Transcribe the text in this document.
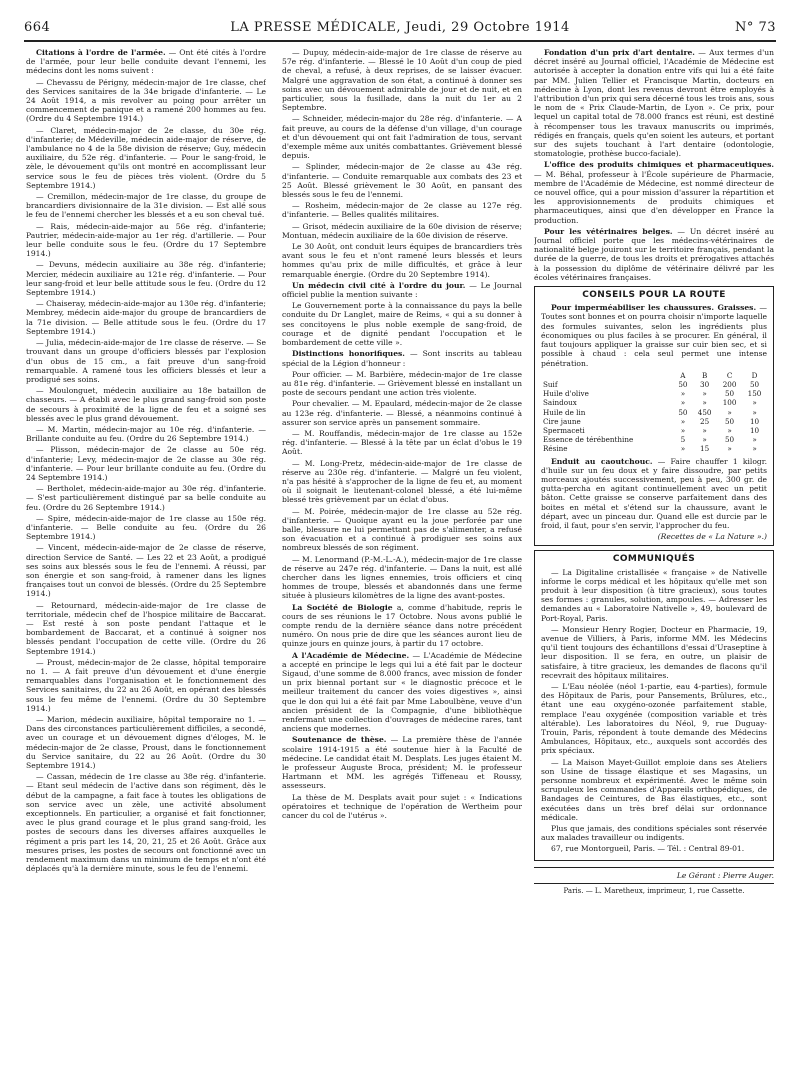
664	LA PRESSE MÉDICALE, Jeudi, 29 Octobre 1914	N° 73

Citations à l'ordre de l'armée. — Ont été cités à l'ordre de l'armée, pour leur belle conduite devant l'ennemi, les médecins dont les noms suivent :

— Chevassu de Périgny, médecin-major de 1re classe, chef des Services sanitaires de la 34e brigade d'infanterie. — Le 24 Août 1914, a mis revolver au poing pour arrêter un commencement de panique et a ramené 200 hommes au feu. (Ordre du 4 Septembre 1914.)

— Claret, médecin-major de 2e classe, du 30e rég. d'infanterie; de Médeville, médecin aide-major de réserve, de l'ambulance no 4 de la 58e division de réserve; Guy, médecin auxiliaire, du 52e rég. d'infanterie. — Pour le sang-froid, le zèle, le dévouement qu'ils ont montré en accomplissant leur service sous le feu de pièces très violent. (Ordre du 5 Septembre 1914.)

— Cremillon, médecin-major de 1re classe, du groupe de brancardiers divisionnaire de la 31e division. — Est allé sous le feu de l'ennemi chercher les blessés et a eu son cheval tué.

— Rais, médecin-aide-major au 56e rég. d'infanterie; Pautrier, médecin-aide-major au 1er rég. d'artillerie. — Pour leur belle conduite sous le feu. (Ordre du 17 Septembre 1914.)

— Devuns, médecin auxiliaire au 38e rég. d'infanterie; Mercier, médecin auxiliaire au 121e rég. d'infanterie. — Pour leur sang-froid et leur belle attitude sous le feu. (Ordre du 12 Septembre 1914.)

— Chaiseray, médecin-aide-major au 130e rég. d'infanterie; Membrey, médecin aide-major du groupe de brancardiers de la 71e division. — Belle attitude sous le feu. (Ordre du 17 Septembre 1914.)

— Julia, médecin-aide-major de 1re classe de réserve. — Se trouvant dans un groupe d'officiers blessés par l'explosion d'un obus de 15 cm., a fait preuve d'un sang-froid remarquable. A ramené tous les officiers blessés et leur a prodigué ses soins.

— Moulonguet, médecin auxiliaire au 18e bataillon de chasseurs. — A établi avec le plus grand sang-froid son poste de secours à proximité de la ligne de feu et a soigné ses blessés avec le plus grand dévouement.

— M. Martin, médecin-major au 10e rég. d'infanterie. — Brillante conduite au feu. (Ordre du 26 Septembre 1914.)

— Plisson, médecin-major de 2e classe au 50e rég. d'infanterie; Levy, médecin-major de 2e classe au 30e rég. d'infanterie. — Pour leur brillante conduite au feu. (Ordre du 24 Septembre 1914.)

— Bertholet, médecin-aide-major au 30e rég. d'infanterie. — S'est particulièrement distingué par sa belle conduite au feu. (Ordre du 26 Septembre 1914.)

— Spire, médecin-aide-major de 1re classe au 150e rég. d'infanterie. — Belle conduite au feu. (Ordre du 26 Septembre 1914.)

— Vincent, médecin-aide-major de 2e classe de réserve, direction Service de Santé. — Les 22 et 23 Août, a prodigué ses soins aux blessés sous le feu de l'ennemi. A réussi, par son énergie et son sang-froid, à ramener dans les lignes françaises tout un convoi de blessés. (Ordre du 25 Septembre 1914.)

— Retournard, médecin-aide-major de 1re classe de territoriale, médecin chef de l'hospice militaire de Baccarat. — Est resté à son poste pendant l'attaque et le bombardement de Baccarat, et a continué à soigner nos blessés pendant l'occupation de cette ville. (Ordre du 26 Septembre 1914.)

— Proust, médecin-major de 2e classe, hôpital temporaire no 1. — A fait preuve d'un dévouement et d'une énergie remarquables dans l'organisation et le fonctionnement des Services sanitaires, du 22 au 26 Août, en opérant des blessés sous le feu même de l'ennemi. (Ordre du 30 Septembre 1914.)

— Marion, médecin auxiliaire, hôpital temporaire no 1. — Dans des circonstances particulièrement difficiles, a secondé, avec un courage et un dévouement dignes d'éloges, M. le médecin-major de 2e classe, Proust, dans le fonctionnement du Service sanitaire, du 22 au 26 Août. (Ordre du 30 Septembre 1914.)

— Cassan, médecin de 1re classe au 38e rég. d'infanterie. — Etant seul médecin de l'active dans son régiment, dès le début de la campagne, a fait face à toutes les obligations de son service avec un zèle, une activité absolument exceptionnels. En particulier, a organisé et fait fonctionner, avec le plus grand courage et le plus grand sang-froid, les postes de secours dans les diverses affaires auxquelles le régiment a pris part les 14, 20, 21, 25 et 26 Août. Grâce aux mesures prises, les postes de secours ont fonctionné avec un rendement maximum dans un minimum de temps et n'ont été déplacés qu'à la dernière minute, sous le feu de l'ennemi.

— Dupuy, médecin-aide-major de 1re classe de réserve au 57e rég. d'infanterie. — Blessé le 10 Août d'un coup de pied de cheval, a refusé, à deux reprises, de se laisser évacuer. Malgré une aggravation de son état, a continué à donner ses soins avec un dévouement admirable de jour et de nuit, et en particulier, sous la fusillade, dans la nuit du 1er au 2 Septembre.

— Schneider, médecin-major du 28e rég. d'infanterie. — A fait preuve, au cours de la défense d'un village, d'un courage et d'un dévouement qui ont fait l'admiration de tous, servant d'exemple même aux unités combattantes. Grièvement blessé depuis.

— Splinder, médecin-major de 2e classe au 43e rég. d'infanterie. — Conduite remarquable aux combats des 23 et 25 Août. Blessé grièvement le 30 Août, en pansant des blessés sous le feu de l'ennemi.

— Rosheim, médecin-major de 2e classe au 127e rég. d'infanterie. — Belles qualités militaires.

— Grisot, médecin auxiliaire de la 60e division de réserve; Montuan, médecin auxiliaire de la 60e division de réserve.

Le 30 Août, ont conduit leurs équipes de brancardiers très avant sous le feu et n'ont ramené leurs blessés et leurs hommes qu'au prix de mille difficultés, et grâce à leur remarquable énergie. (Ordre du 20 Septembre 1914).

Un médecin civil cité à l'ordre du jour. — Le Journal officiel publie la mention suivante :

Le Gouvernement porte à la connaissance du pays la belle conduite du Dr Langlet, maire de Reims, « qui a su donner à ses concitoyens le plus noble exemple de sang-froid, de courage et de dignité pendant l'occupation et le bombardement de cette ville ».

Distinctions honorifiques. — Sont inscrits au tableau spécial de la Légion d'honneur :

Pour officier. — M. Barbière, médecin-major de 1re classe au 81e rég. d'infanterie. — Grièvement blessé en installant un poste de secours pendant une action très violente.

Pour chevalier. — M. Epaulard, médecin-major de 2e classe au 123e rég. d'infanterie. — Blessé, a néanmoins continué à assurer son service après un pansement sommaire.

— M. Rouffandis, médecin-major de 1re classe au 152e rég. d'infanterie. — Blessé à la tête par un éclat d'obus le 19 Août.

— M. Long-Pretz, médecin-aide-major de 1re classe de réserve au 230e rég. d'infanterie. — Malgré un feu violent, n'a pas hésité à s'approcher de la ligne de feu et, au moment où il soignait le lieutenant-colonel blessé, a été lui-même blessé très grièvement par un éclat d'obus.

— M. Poirée, médecin-major de 1re classe au 52e rég. d'infanterie. — Quoique ayant eu la joue perforée par une balle, blessure ne lui permettant pas de s'alimenter, a refusé son évacuation et a continué à prodiguer ses soins aux nombreux blessés de son régiment.

— M. Lenormand (P.-M.-L.-A.), médecin-major de 1re classe de réserve au 247e rég. d'infanterie. — Dans la nuit, est allé chercher dans les lignes ennemies, trois officiers et cinq hommes de troupe, blessés et abandonnés dans une ferme située à plusieurs kilomètres de la ligne des avant-postes.

La Société de Biologie a, comme d'habitude, repris le cours de ses réunions le 17 Octobre. Nous avons publié le compte rendu de la dernière séance dans notre précédent numéro. On nous prie de dire que les séances auront lieu de quinze jours en quinze jours, à partir du 17 octobre.

A l'Académie de Médecine. — L'Académie de Médecine a accepté en principe le legs qui lui a été fait par le docteur Sigaud, d'une somme de 8.000 francs, avec mission de fonder un prix biennal portant sur « le diagnostic précoce et le meilleur traitement du cancer des voies digestives », ainsi que le don qui lui a été fait par Mme Laboulbène, veuve d'un ancien président de la Compagnie, d'une bibliothèque renfermant une collection d'ouvrages de médecine rares, tant anciens que modernes.

Soutenance de thèse. — La première thèse de l'année scolaire 1914-1915 a été soutenue hier à la Faculté de médecine. Le candidat était M. Desplats. Les juges étaient M. le professeur Auguste Broca, président; M. le professeur Hartmann et MM. les agrégés Tiffeneau et Roussy, assesseurs.

La thèse de M. Desplats avait pour sujet : « Indications opératoires et technique de l'opération de Wertheim pour cancer du col de l'utérus ».

Fondation d'un prix d'art dentaire. — Aux termes d'un décret inséré au Journal officiel, l'Académie de Médecine est autorisée à accepter la donation entre vifs qui lui a été faite par MM. Julien Tellier et Francisque Martin, docteurs en médecine à Lyon, dont les revenus devront être employés à l'attribution d'un prix qui sera décerné tous les trois ans, sous le nom de « Prix Claude-Martin, de Lyon ». Ce prix, pour lequel un capital total de 78.000 francs est réuni, est destiné à récompenser tous les travaux manuscrits ou imprimés, rédigés en français, quels qu'en soient les auteurs, et portant sur des sujets touchant à l'art dentaire (odontologie, stomatologie, prothèse bucco-faciale).

L'office des produits chimiques et pharmaceutiques. — M. Béhal, professeur à l'École supérieure de Pharmacie, membre de l'Académie de Médecine, est nommé directeur de ce nouvel office, qui a pour mission d'assurer la répartition et les approvisionnements de produits chimiques et pharmaceutiques, ainsi que d'en développer en France la production.

Pour les vétérinaires belges. — Un décret inséré au Journal officiel porte que les médecins-vétérinaires de nationalité belge jouiront sur le territoire français, pendant la durée de la guerre, de tous les droits et prérogatives attachés à la possession du diplôme de vétérinaire délivré par les écoles vétérinaires françaises.

CONSEILS POUR LA ROUTE

Pour imperméabiliser les chaussures. Graisses. — Toutes sont bonnes et on pourra choisir n'importe laquelle des formules suivantes, selon les ingrédients plus économiques ou plus faciles à se procurer. En général, il faut toujours appliquer la graisse sur cuir bien sec, et si possible à chaud : cela seul permet une intense pénétration.

	A	B	C	D
Suif	50	30	200	50
Huile d'olive	»	»	50	150
Saindoux	»	»	100	»
Huile de lin	50	450	»	»
Cire jaune	»	25	50	10
Spermaceti	»	»	»	10
Essence de térébenthine	5	»	50	»
Résine	»	15	»	»

Enduit au caoutchouc. — Faire chauffer 1 kilogr. d'huile sur un feu doux et y faire dissoudre, par petits morceaux ajoutés successivement, peu à peu, 300 gr. de gutta-percha en agitant continuellement avec un petit bâton. Cette graisse se conserve parfaitement dans des boites en métal et s'étend sur la chaussure, avant le départ, avec un pinceau dur. Quand elle est durcie par le froid, il faut, pour s'en servir, l'approcher du feu.

(Recettes de « La Nature ».)
COMMUNIQUÉS

— La Digitaline cristallisée « française » de Nativelle informe le corps médical et les hôpitaux qu'elle met son produit à leur disposition (à titre gracieux), sous toutes ses formes : granules, solution, ampoules. — Adresser les demandes au « Laboratoire Nativelle », 49, boulevard de Port-Royal, Paris.

— Monsieur Henry Rogier, Docteur en Pharmacie, 19, avenue de Villiers, à Paris, informe MM. les Médecins qu'il tient toujours des échantillons d'essai d'Uraseptine à leur disposition. Il se fera, en outre, un plaisir de satisfaire, à titre gracieux, les demandes de flacons qu'il recevrait des hôpitaux militaires.

— L'Eau néolée (néol 1-partie, eau 4-parties), formule des Hôpitaux de Paris, pour Pansements, Brûlures, etc., étant une eau oxygéno-ozonée parfaitement stable, remplace l'eau oxygénée (composition variable et très altérable). Les laboratoires du Néol, 9, rue Duguay-Trouin, Paris, répondent à toute demande des Médecins Ambulances, Hôpitaux, etc., auxquels sont accordés des prix spéciaux.

— La Maison Mayet-Guillot emploie dans ses Ateliers son Usine de tissage élastique et ses Magasins, un personne nombreux et expérimenté. Avec le même soin scrupuleux les commandes d'Appareils orthopédiques, de Bandages de Ceintures, de Bas élastiques, etc., sont exécutées dans un très bref délai sur ordonnance médicale.

Plus que jamais, des conditions spéciales sont réservée aux malades travailleur ou indigents.

67, rue Montorgueil, Paris. — Tél. : Central 89-01.

Le Gérant : Pierre Auger.
Paris. — L. Maretheux, imprimeur, 1, rue Cassette.
